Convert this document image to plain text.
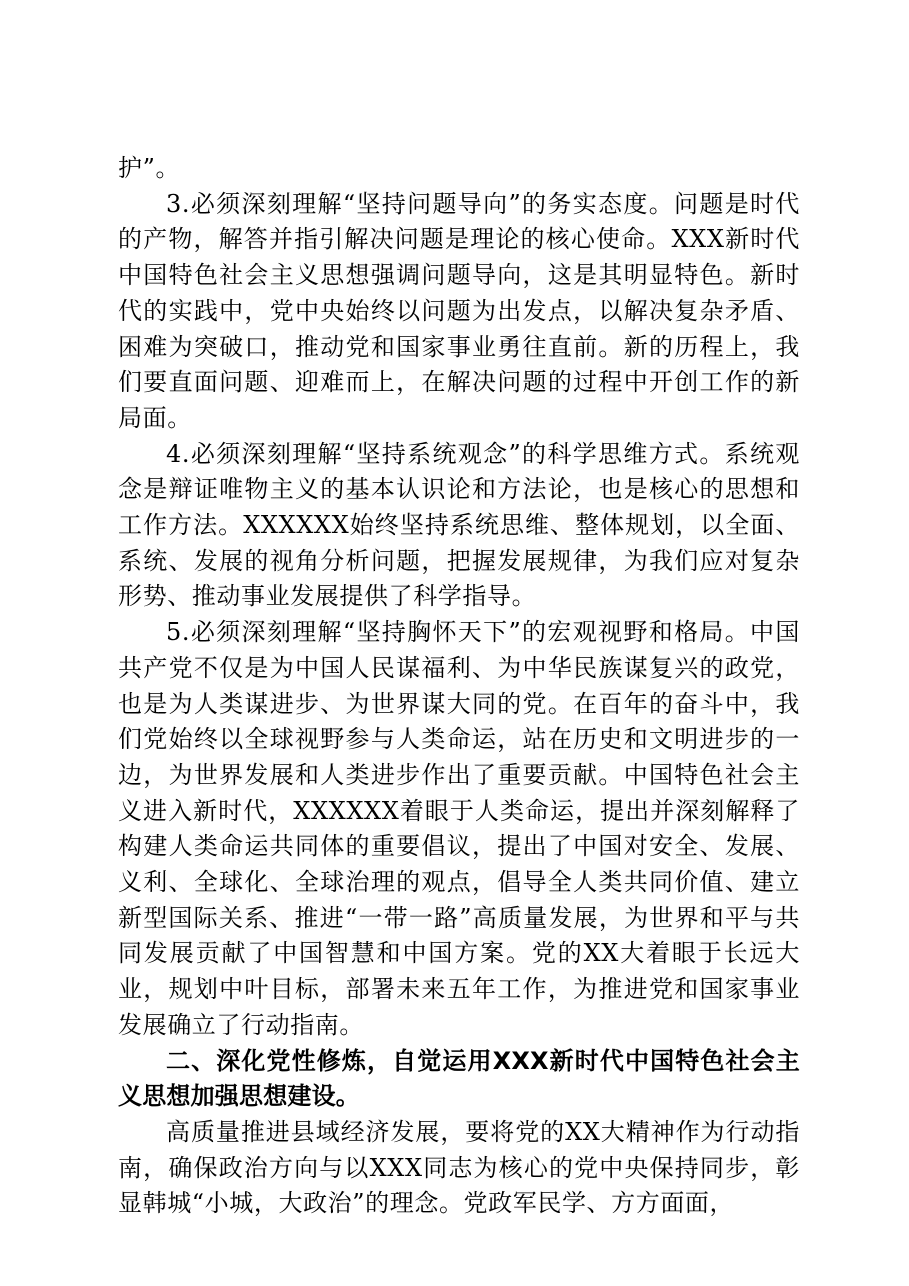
护”。

3.必须深刻理解“坚持问题导向”的务实态度。问题是时代的产物，解答并指引解决问题是理论的核心使命。XXX新时代中国特色社会主义思想强调问题导向，这是其明显特色。新时代的实践中，党中央始终以问题为出发点，以解决复杂矛盾、困难为突破口，推动党和国家事业勇往直前。新的历程上，我们要直面问题、迎难而上，在解决问题的过程中开创工作的新局面。

4.必须深刻理解“坚持系统观念”的科学思维方式。系统观念是辩证唯物主义的基本认识论和方法论，也是核心的思想和工作方法。XXXXXX始终坚持系统思维、整体规划，以全面、系统、发展的视角分析问题，把握发展规律，为我们应对复杂形势、推动事业发展提供了科学指导。

5.必须深刻理解“坚持胸怀天下”的宏观视野和格局。中国共产党不仅是为中国人民谋福利、为中华民族谋复兴的政党，也是为人类谋进步、为世界谋大同的党。在百年的奋斗中，我们党始终以全球视野参与人类命运，站在历史和文明进步的一边，为世界发展和人类进步作出了重要贡献。中国特色社会主义进入新时代，XXXXXX着眼于人类命运，提出并深刻解释了构建人类命运共同体的重要倡议，提出了中国对安全、发展、义利、全球化、全球治理的观点，倡导全人类共同价值、建立新型国际关系、推进“一带一路”高质量发展，为世界和平与共同发展贡献了中国智慧和中国方案。党的XX大着眼于长远大业，规划中叶目标，部署未来五年工作，为推进党和国家事业发展确立了行动指南。

二、深化党性修炼，自觉运用XXX新时代中国特色社会主义思想加强思想建设。

高质量推进县域经济发展，要将党的XX大精神作为行动指南，确保政治方向与以XXX同志为核心的党中央保持同步，彰显韩城“小城，大政治”的理念。党政军民学、方方面面，
